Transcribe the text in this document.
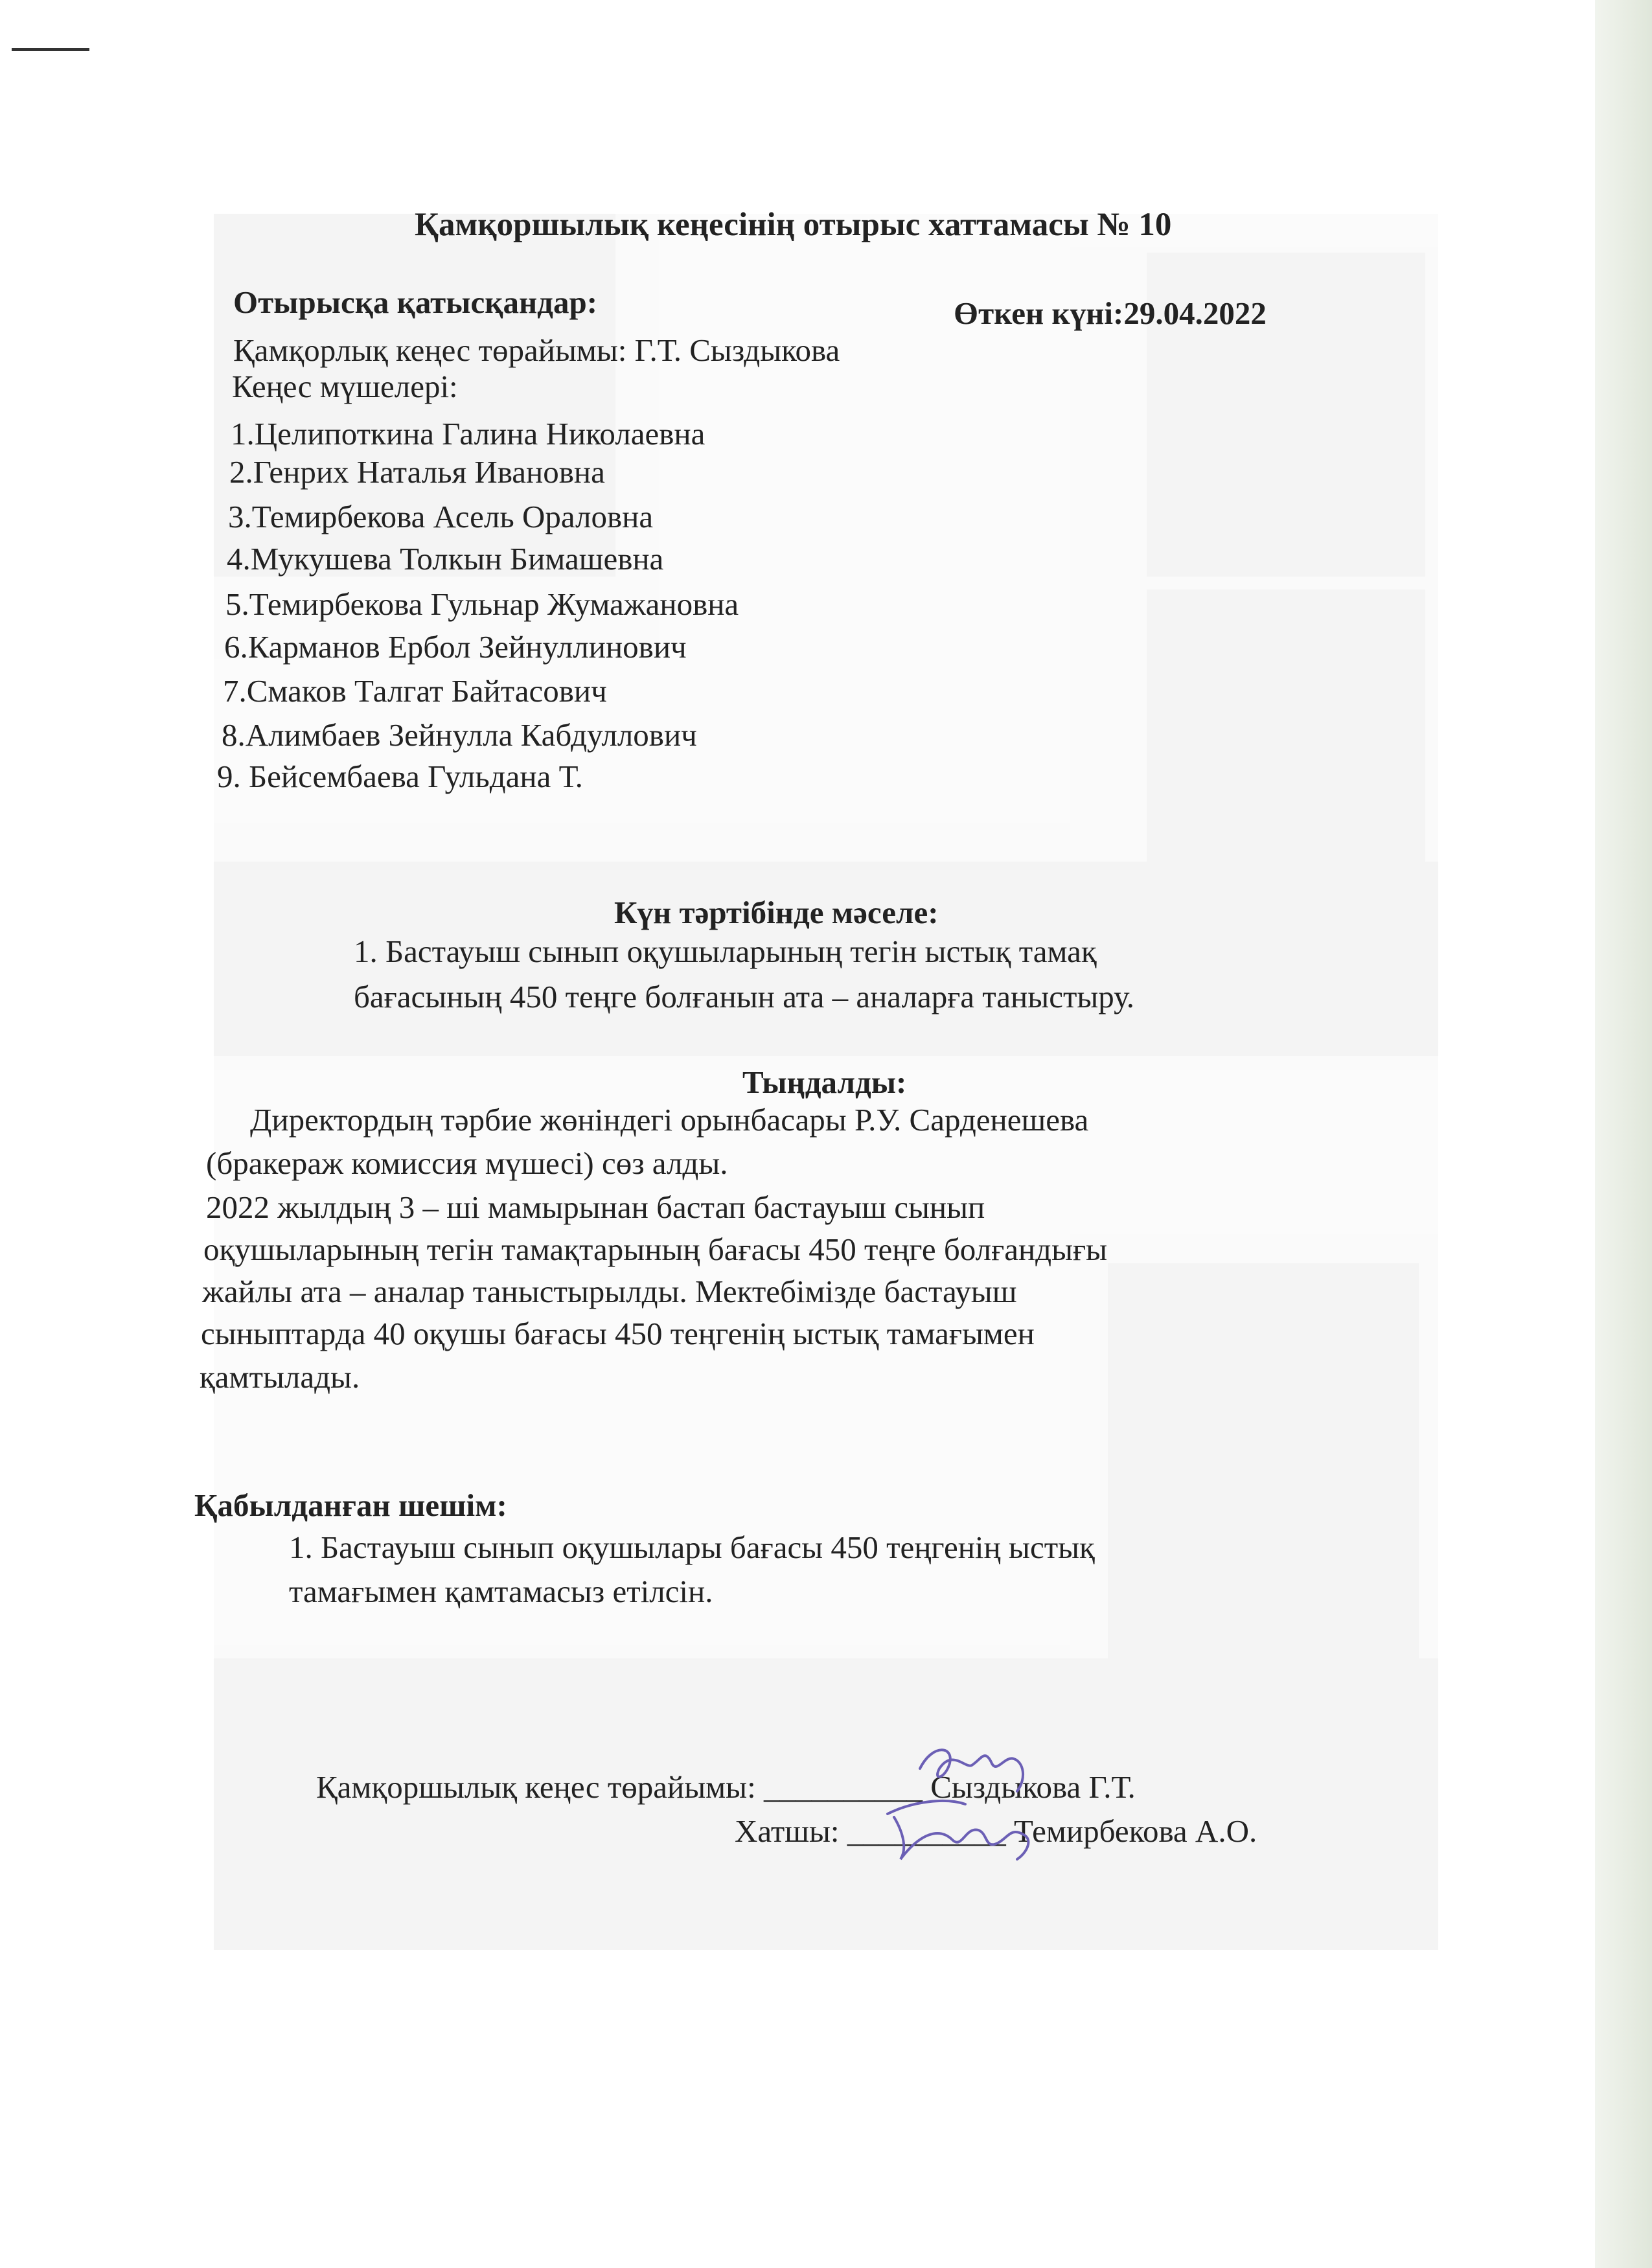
Қамқоршылық кеңесінің отырыс хаттамасы № 10
Отырысқа қатысқандар:	Өткен күні:29.04.2022
Қамқорлық кеңес төрайымы: Г.Т. Сыздыкова
Кеңес мүшелері:
1.Целипоткина Галина Николаевна
2.Генрих Наталья Ивановна
3.Темирбекова Асель Ораловна
4.Мукушева Толкын Бимашевна
5.Темирбекова Гульнар Жумажановна
6.Карманов Ербол Зейнуллинович
7.Смаков Талгат Байтасович
8.Алимбаев Зейнулла Кабдуллович
9. Бейсембаева Гульдана Т.
Күн тәртібінде мәселе:
1. Бастауыш сынып оқушыларының тегін ыстық тамақ
бағасының 450 теңге болғанын ата – аналарға таныстыру.
Тыңдалды:
Директордың тәрбие жөніндегі орынбасары Р.У. Сарденешева
(бракераж комиссия мүшесі) сөз алды.
2022 жылдың 3 – ші мамырынан бастап бастауыш сынып
оқушыларының тегін тамақтарының бағасы 450 теңге болғандығы
жайлы ата – аналар таныстырылды. Мектебімізде бастауыш
сыныптарда 40 оқушы бағасы 450 теңгенің ыстық тамағымен
қамтылады.
Қабылданған шешім:
1. Бастауыш сынып оқушылары бағасы 450 теңгенің ыстық
тамағымен қамтамасыз етілсін.
Қамқоршылық кеңес төрайымы: __________ Сыздыкова Г.Т.
Хатшы: __________ Темирбекова А.О.
